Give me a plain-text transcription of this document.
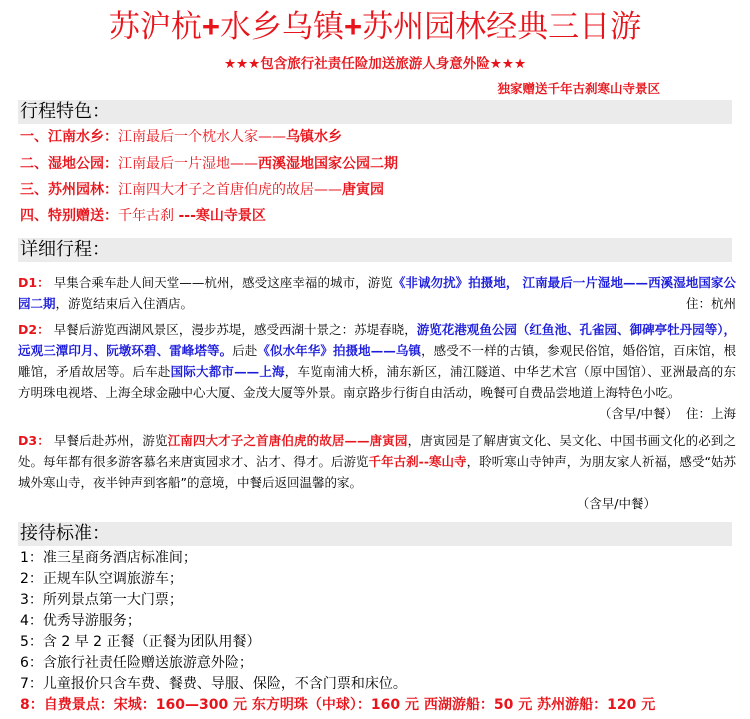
苏沪杭+水乡乌镇+苏州园林经典三日游
★★★包含旅行社责任险加送旅游人身意外险★★★
独家赠送千年古刹寒山寺景区
行程特色：
一、江南水乡：江南最后一个枕水人家——乌镇水乡
二、湿地公园：江南最后一片湿地——西溪湿地国家公园二期
三、苏州园林：江南四大才子之首唐伯虎的故居——唐寅园
四、特别赠送：千年古刹 ---寒山寺景区
详细行程：
D1： 早集合乘车赴人间天堂——杭州，感受这座幸福的城市，游览《非诚勿扰》拍摄地， 江南最后一片湿地——西溪湿地国家公园二期，游览结束后入住酒店。	住：杭州
D2： 早餐后游览西湖风景区，漫步苏堤，感受西湖十景之：苏堤春晓，游览花港观鱼公园（红鱼池、孔雀园、御碑亭牡丹园等），远观三潭印月、阮墩环碧、雷峰塔等。后赴《似水年华》拍摄地——乌镇，感受不一样的古镇，参观民俗馆，婚俗馆，百床馆，根雕馆，矛盾故居等。后车赴国际大都市——上海，车览南浦大桥，浦东新区，浦江隧道、中华艺术宫（原中国馆）、亚洲最高的东方明珠电视塔、上海全球金融中心大厦、金茂大厦等外景。南京路步行街自由活动，晚餐可自费品尝地道上海特色小吃。
（含早/中餐） 住：上海
D3： 早餐后赴苏州，游览江南四大才子之首唐伯虎的故居——唐寅园，唐寅园是了解唐寅文化、吴文化、中国书画文化的必到之处。每年都有很多游客慕名来唐寅园求才、沾才、得才。后游览千年古刹--寒山寺，聆听寒山寺钟声，为朋友家人祈福，感受“姑苏城外寒山寺，夜半钟声到客船”的意境，中餐后返回温馨的家。

（含早/中餐）
接待标准：
1：准三星商务酒店标准间；
2：正规车队空调旅游车；
3：所列景点第一大门票；
4：优秀导游服务；
5：含 2 早 2 正餐（正餐为团队用餐）
6：含旅行社责任险赠送旅游意外险；
7：儿童报价只含车费、餐费、导服、保险，不含门票和床位。
8：自费景点：宋城：160—300 元 东方明珠（中球）：160 元 西湖游船：50 元 苏州游船：120 元
